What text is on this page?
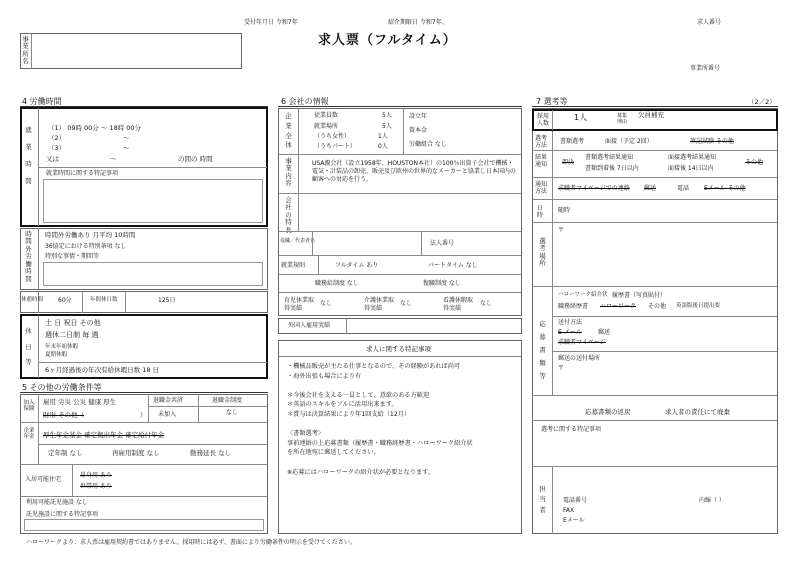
受付年月日 令和7年	紹介期限日 令和7年、	求人番号
求人票（フルタイム）
事業所名
事業所番号
4 労働時間
就業時間
（1） 09時 00分 〜 18時 00分
（2）	〜
（3）	〜
又は	〜	の間の 時間
就業時間に関する特記事項
時間外労働時間
時間外労働あり 月平均 10時間
36協定における特別条項 なし
特別な事情・期間等
休憩時間 60分	年間休日数	125日
休日等
土 日 祝日 その他
週休二日制 毎 週
年末年始休暇
夏期休暇
6ヶ月経過後の年次有給休暇日数 18 日
5 その他の労働条件等
加入保険
雇用 労災 公災 健康 厚生
財形 その他（	）
退職金共済
未加入
退職金制度
なし
企業年金 厚生年金基金 確定拠出年金 確定給付年金
定年制 なし	再雇用制度 なし	勤務延長 なし
入居可能住宅
単身用 あり
世帯用 あり
利用可能託児施設 なし
託児施設に関する特記事項
6 会社の情報
企業全体
従業員数	5人
就業場所	5人
（うち女性）	1人
（うちパート）	0人
設立年
資本金
労働組合 なし
事業内容
USA親会社（設立1958年、HOUSTON本社）の100％出資子会社で機械・電気・計装品の卸売、販売及び欧州の世界的なメーカーと協業し日本国内の顧客への対応を行う。
会社の特長
役職／代表者名	法人番号
就業規則	フルタイム あり	パートタイム なし
職務給制度 なし	復職制度 なし
育児休業取得実績
なし	介護休業取得実績
なし	看護休暇取得実績
なし
外国人雇用実績
求人に関する特記事項
・機械品販売が主たる仕事となるので、その経験があれば尚可
・海外出張も場合により有
＊今後会社を支える一員として、意欲のある方歓迎
＊英語のスキルをフルに活用出来ます。
＊賞与は決算結果により年1回支給（12月）
〈書類選考〉
事前連絡の上応募書類（履歴書・職務経歴書・ハローワーク紹介状
を所在地宛に郵送してください。
※応募にはハローワークの紹介状が必要となります。
7 選考等	（2／2）
採用人数
1人	募集理由
欠員補充
選考方法
書類選考	面接（予定 2回）	筆記試験 その他
結果通知	即決
書類選考結果通知	面接選考結果通知
その他
書類到着後 7日以内	面接後 14日以内
通知方法	求職者マイページでの連絡 郵送	電話 Eメール その他
日時
随時
選考場所
〒
応募書類等
ハローワーク紹介状 履歴書（写真貼付）
職務経歴書 ハローワーク その他 英語版後日提出要
送付方法
E-メール	郵送
求職者マイページ
郵送の送付場所
〒
応募書類の返戻	求人者の責任にて廃棄
選考に関する特記事項
担当者
電話番号	内線（ ）
FAX
Eメール
ハローワークより：求人票は雇用契約書ではありません。採用時には必ず、書面により労働条件の明示を受けてください。
